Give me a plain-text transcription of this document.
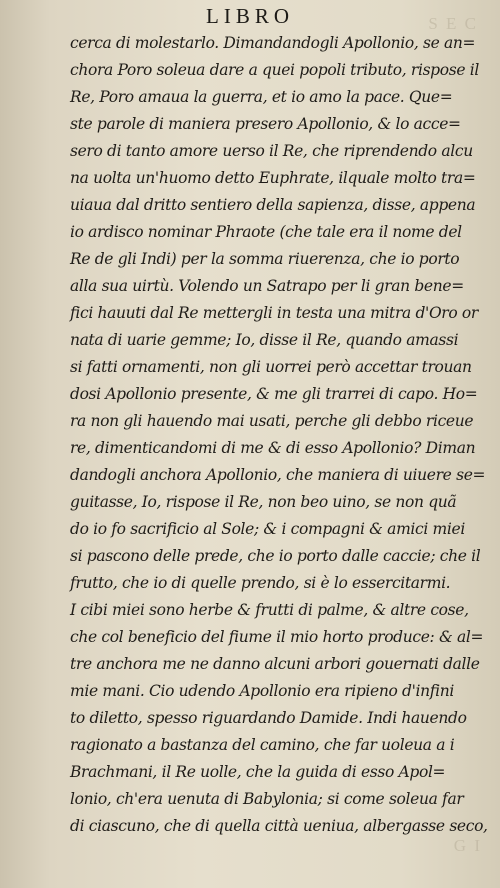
S E C
G I
LIBRO
cerca di molestarlo. Dimandandogli Apollonio, se an=
chora Poro soleua dare a quei popoli tributo, rispose il
Re, Poro amaua la guerra, et io amo la pace. Que=
ste parole di maniera presero Apollonio, & lo acce=
sero di tanto amore uerso il Re, che riprendendo alcu
na uolta un'huomo detto Euphrate, ilquale molto tra=
uiaua dal dritto sentiero della sapienza, disse, appena
io ardisco nominar Phraote (che tale era il nome del
Re de gli Indi) per la somma riuerenza, che io porto
alla sua uirtù. Volendo un Satrapo per li gran bene=
fici hauuti dal Re mettergli in testa una mitra d'Oro or
nata di uarie gemme; Io, disse il Re, quando amassi
si fatti ornamenti, non gli uorrei però accettar trouan
dosi Apollonio presente, & me gli trarrei di capo. Ho=
ra non gli hauendo mai usati, perche gli debbo riceue
re, dimenticandomi di me & di esso Apollonio? Diman
dandogli anchora Apollonio, che maniera di uiuere se=
guitasse, Io, rispose il Re, non beo uino, se non quã
do io fo sacrificio al Sole; & i compagni & amici miei
si pascono delle prede, che io porto dalle caccie; che il
frutto, che io di quelle prendo, si è lo essercitarmi.
I cibi miei sono herbe & frutti di palme, & altre cose,
che col beneficio del fiume il mio horto produce: & al=
tre anchora me ne danno alcuni arbori gouernati dalle
mie mani. Cio udendo Apollonio era ripieno d'infini
to diletto, spesso riguardando Damide. Indi hauendo
ragionato a bastanza del camino, che far uoleua a i
Brachmani, il Re uolle, che la guida di esso Apol=
lonio, ch'era uenuta di Babylonia; si come soleua far
di ciascuno, che di quella città ueniua, albergasse seco,
